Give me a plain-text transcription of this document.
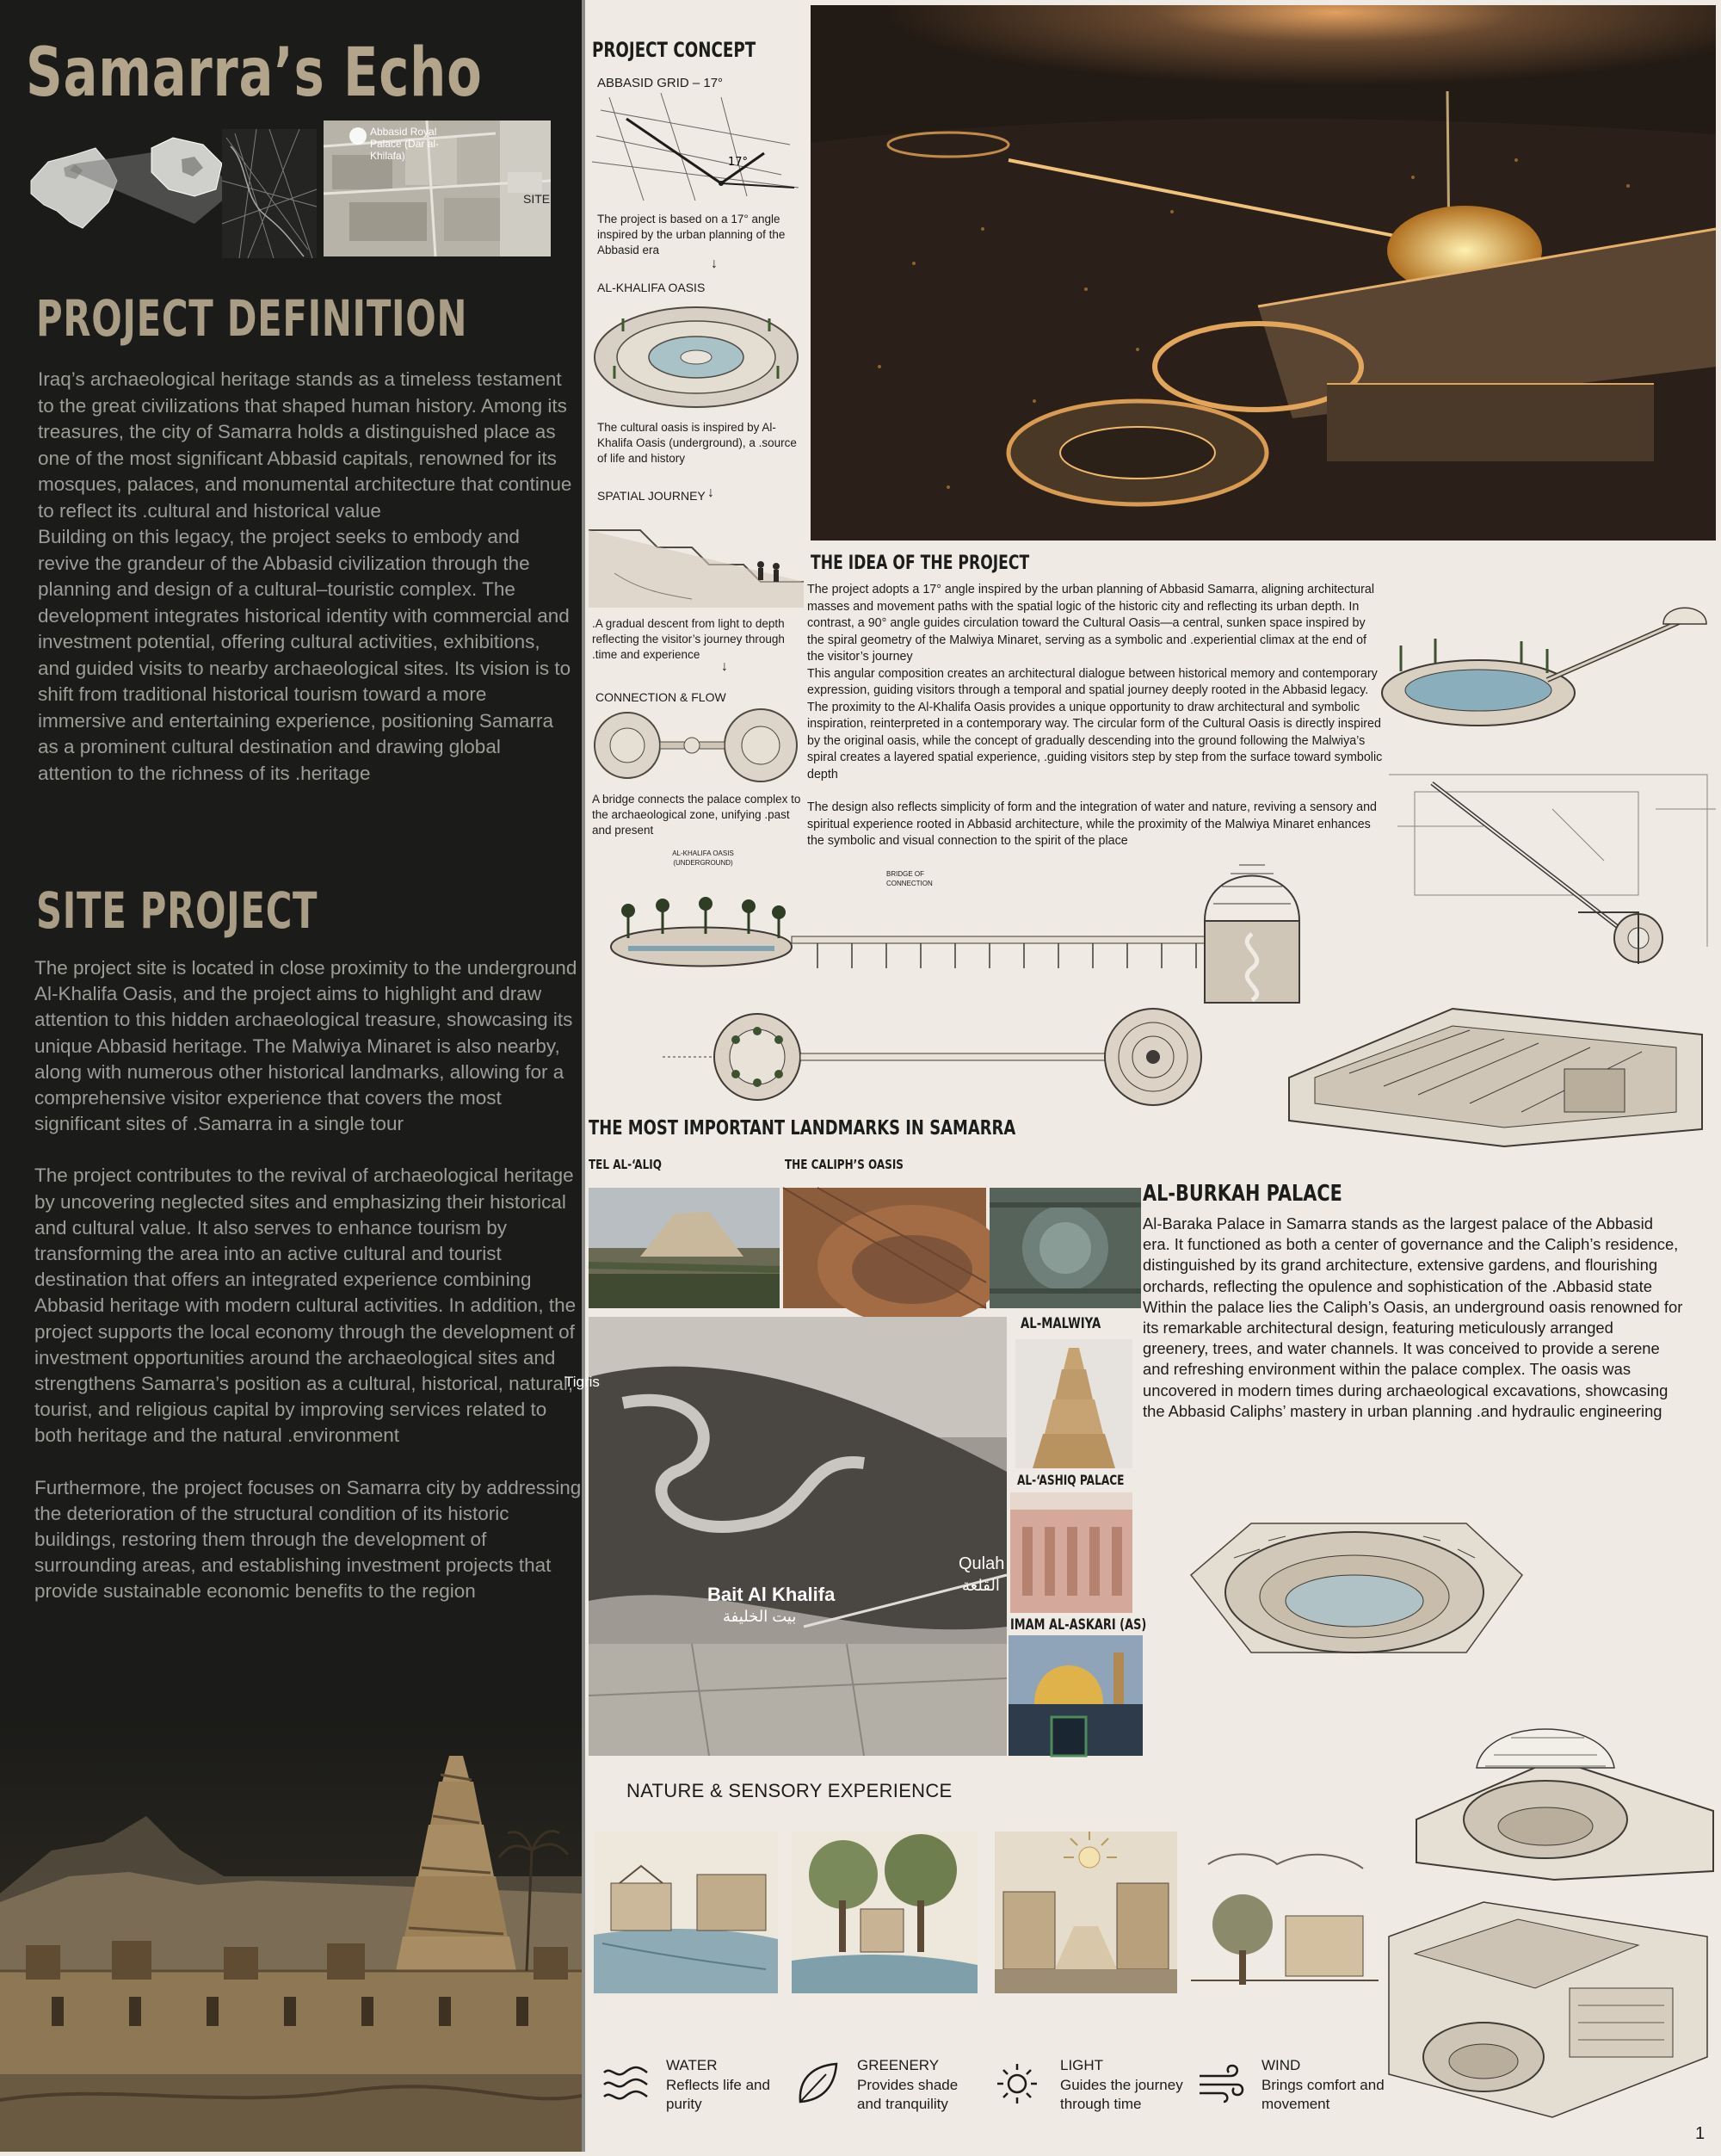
Samarra’s Echo
Abbasid Royal Palace (Dar al-Khilafa)
SITE
PROJECT DEFINITION

Iraq’s archaeological heritage stands as a timeless testament to the great civilizations that shaped human history. Among its treasures, the city of Samarra holds a distinguished place as one of the most significant Abbasid capitals, renowned for its mosques, palaces, and monumental architecture that continue to reflect its .cultural and historical value

Building on this legacy, the project seeks to embody and revive the grandeur of the Abbasid civilization through the planning and design of a cultural–touristic complex. The development integrates historical identity with commercial and investment potential, offering cultural activities, exhibitions, and guided visits to nearby archaeological sites. Its vision is to shift from traditional historical tourism toward a more immersive and entertaining experience, positioning Samarra as a prominent cultural destination and drawing global attention to the richness of its .heritage

SITE PROJECT

The project site is located in close proximity to the underground Al-Khalifa Oasis, and the project aims to highlight and draw attention to this hidden archaeological treasure, showcasing its unique Abbasid heritage. The Malwiya Minaret is also nearby, along with numerous other historical landmarks, allowing for a comprehensive visitor experience that covers the most significant sites of .Samarra in a single tour

The project contributes to the revival of archaeological heritage by uncovering neglected sites and emphasizing their historical and cultural value. It also serves to enhance tourism by transforming the area into an active cultural and tourist destination that offers an integrated experience combining Abbasid heritage with modern cultural activities. In addition, the project supports the local economy through the development of investment opportunities around the archaeological sites and strengthens Samarra’s position as a cultural, historical, natural, tourist, and religious capital by improving services related to both heritage and the natural .environment

Furthermore, the project focuses on Samarra city by addressing the deterioration of the structural condition of its historic buildings, restoring them through the development of surrounding areas, and establishing investment projects that provide sustainable economic benefits to the region

PROJECT CONCEPT
ABBASID GRID – 17°
17°
The project is based on a 17° angle inspired by the urban planning of the Abbasid era
↓
AL-KHALIFA OASIS
The cultural oasis is inspired by Al-Khalifa Oasis (underground), a .source of life and history
SPATIAL JOURNEY ↓
.A gradual descent from light to depth reflecting the visitor’s journey through .time and experience
↓
CONNECTION & FLOW
A bridge connects the palace complex to the archaeological zone, unifying .past and present
THE IDEA OF THE PROJECT

The project adopts a 17° angle inspired by the urban planning of Abbasid Samarra, aligning architectural masses and movement paths with the spatial logic of the historic city and reflecting its urban depth. In contrast, a 90° angle guides circulation toward the Cultural Oasis—a central, sunken space inspired by the spiral geometry of the Malwiya Minaret, serving as a symbolic and .experiential climax at the end of the visitor’s journey

This angular composition creates an architectural dialogue between historical memory and contemporary expression, guiding visitors through a temporal and spatial journey deeply rooted in the Abbasid legacy. The proximity to the Al-Khalifa Oasis provides a unique opportunity to draw architectural and symbolic inspiration, reinterpreted in a contemporary way. The circular form of the Cultural Oasis is directly inspired by the original oasis, while the concept of gradually descending into the ground following the Malwiya’s spiral creates a layered spatial experience, .guiding visitors step by step from the surface toward symbolic depth

The design also reflects simplicity of form and the integration of water and nature, reviving a sensory and spiritual experience rooted in Abbasid architecture, while the proximity of the Malwiya Minaret enhances the symbolic and visual connection to the spirit of the place

AL-KHALIFA OASIS (UNDERGROUND)
BRIDGE OF CONNECTION
THE MOST IMPORTANT LANDMARKS IN SAMARRA
TEL AL-‘ALIQ	THE CALIPH’S OASIS
Bait Al Khalifa
بيت الخليفة
Qulah
القلعة
Tigris
AL-MALWIYA
AL-‘ASHIQ PALACE
IMAM AL-ASKARI (AS)
AL-BURKAH PALACE

Al-Baraka Palace in Samarra stands as the largest palace of the Abbasid era. It functioned as both a center of governance and the Caliph’s residence, distinguished by its grand architecture, extensive gardens, and flourishing orchards, reflecting the opulence and sophistication of the .Abbasid state

Within the palace lies the Caliph’s Oasis, an underground oasis renowned for its remarkable architectural design, featuring meticulously arranged greenery, trees, and water channels. It was conceived to provide a serene and refreshing environment within the palace complex. The oasis was uncovered in modern times during archaeological excavations, showcasing the Abbasid Caliphs’ mastery in urban planning .and hydraulic engineering

NATURE & SENSORY EXPERIENCE
WATER
Reflects life and purity
GREENERY
Provides shade and tranquility
LIGHT
Guides the journey through time
WIND
Brings comfort and movement
1
